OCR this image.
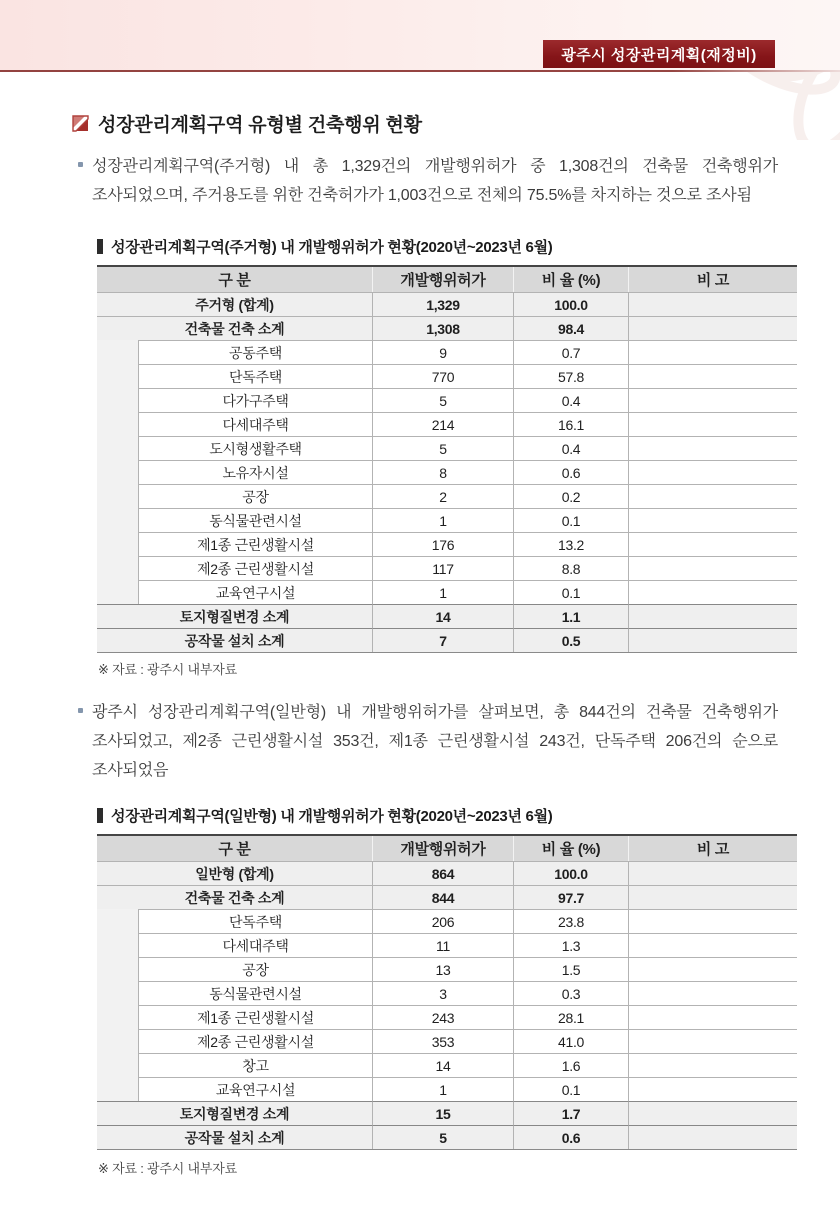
광주시 성장관리계획(재정비)
성장관리계획구역 유형별 건축행위 현황
성장관리계획구역(주거형) 내 총 1,329건의 개발행위허가 중 1,308건의 건축물 건축행위가 조사되었으며, 주거용도를 위한 건축허가가 1,003건으로 전체의 75.5%를 차지하는 것으로 조사됨
성장관리계획구역(주거형) 내 개발행위허가 현황(2020년~2023년 6월)
구 분	개발행위허가	비 율 (%)	비 고
주거형 (합계)	1,329	100.0
건축물 건축 소계	1,308	98.4
공동주택	9	0.7
단독주택	770	57.8
다가구주택	5	0.4
다세대주택	214	16.1
도시형생활주택	5	0.4
노유자시설	8	0.6
공장	2	0.2
동식물관련시설	1	0.1
제1종 근린생활시설	176	13.2
제2종 근린생활시설	117	8.8
교육연구시설	1	0.1
토지형질변경 소계	14	1.1
공작물 설치 소계	7	0.5
※ 자료 : 광주시 내부자료
광주시 성장관리계획구역(일반형) 내 개발행위허가를 살펴보면, 총 844건의 건축물 건축행위가 조사되었고, 제2종 근린생활시설 353건, 제1종 근린생활시설 243건, 단독주택 206건의 순으로 조사되었음
성장관리계획구역(일반형) 내 개발행위허가 현황(2020년~2023년 6월)
구 분	개발행위허가	비 율 (%)	비 고
일반형 (합계)	864	100.0
건축물 건축 소계	844	97.7
단독주택	206	23.8
다세대주택	11	1.3
공장	13	1.5
동식물관련시설	3	0.3
제1종 근린생활시설	243	28.1
제2종 근린생활시설	353	41.0
창고	14	1.6
교육연구시설	1	0.1
토지형질변경 소계	15	1.7
공작물 설치 소계	5	0.6
※ 자료 : 광주시 내부자료
